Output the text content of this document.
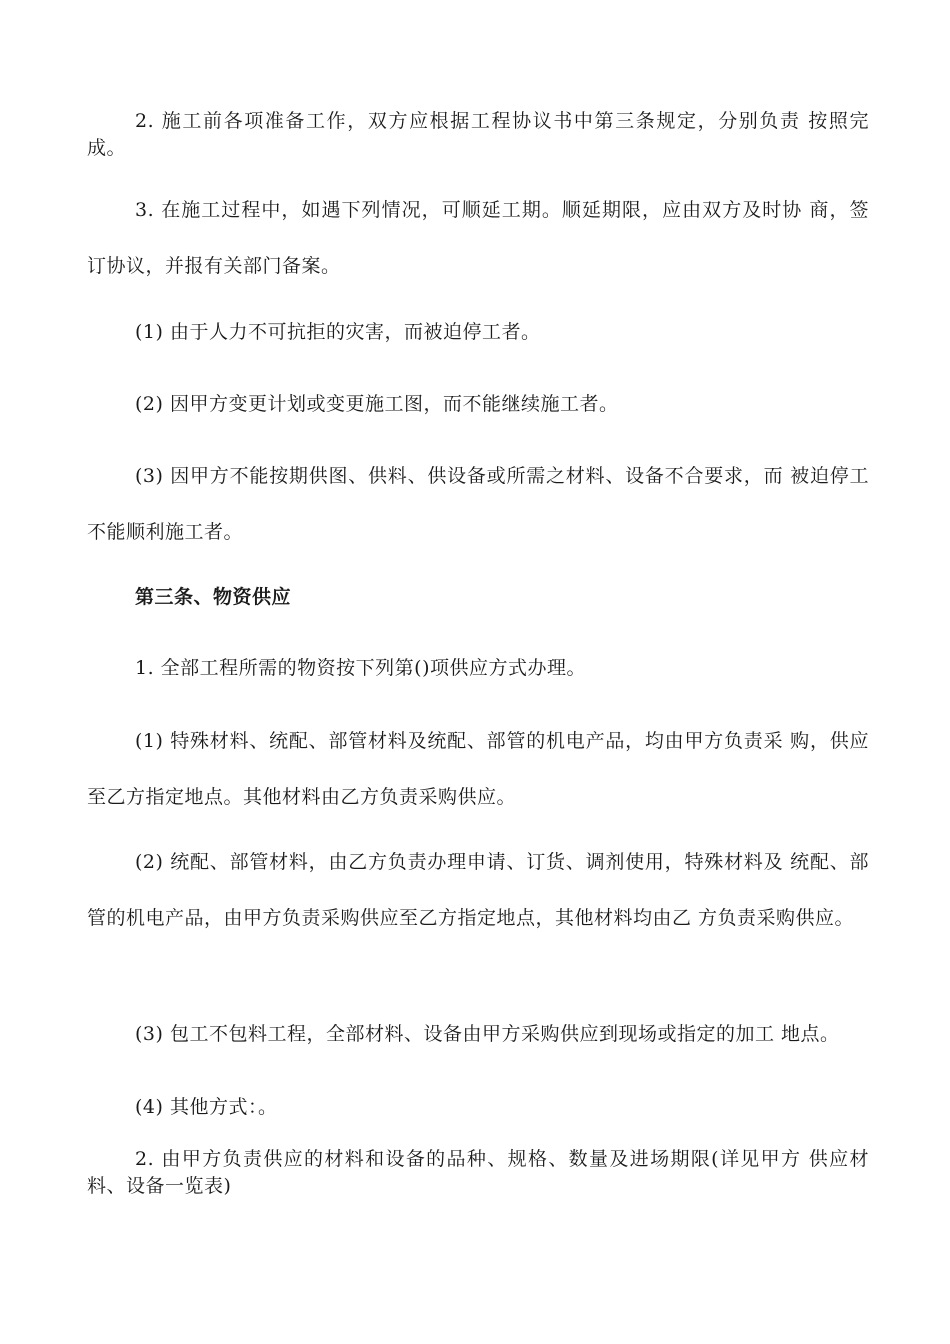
2. 施工前各项准备工作，双方应根据工程协议书中第三条规定，分别负责 按照完成。

3. 在施工过程中，如遇下列情况，可顺延工期。顺延期限，应由双方及时协 商，签订协议，并报有关部门备案。

(1) 由于人力不可抗拒的灾害，而被迫停工者。

(2) 因甲方变更计划或变更施工图，而不能继续施工者。

(3) 因甲方不能按期供图、供料、供设备或所需之材料、设备不合要求，而 被迫停工不能顺利施工者。

第三条、物资供应

1. 全部工程所需的物资按下列第()项供应方式办理。

(1) 特殊材料、统配、部管材料及统配、部管的机电产品，均由甲方负责采 购，供应至乙方指定地点。其他材料由乙方负责采购供应。

(2) 统配、部管材料，由乙方负责办理申请、订货、调剂使用，特殊材料及 统配、部管的机电产品，由甲方负责采购供应至乙方指定地点，其他材料均由乙 方负责采购供应。

(3) 包工不包料工程，全部材料、设备由甲方采购供应到现场或指定的加工 地点。

(4) 其他方式：。

2. 由甲方负责供应的材料和设备的品种、规格、数量及进场期限(详见甲方 供应材料、设备一览表)
